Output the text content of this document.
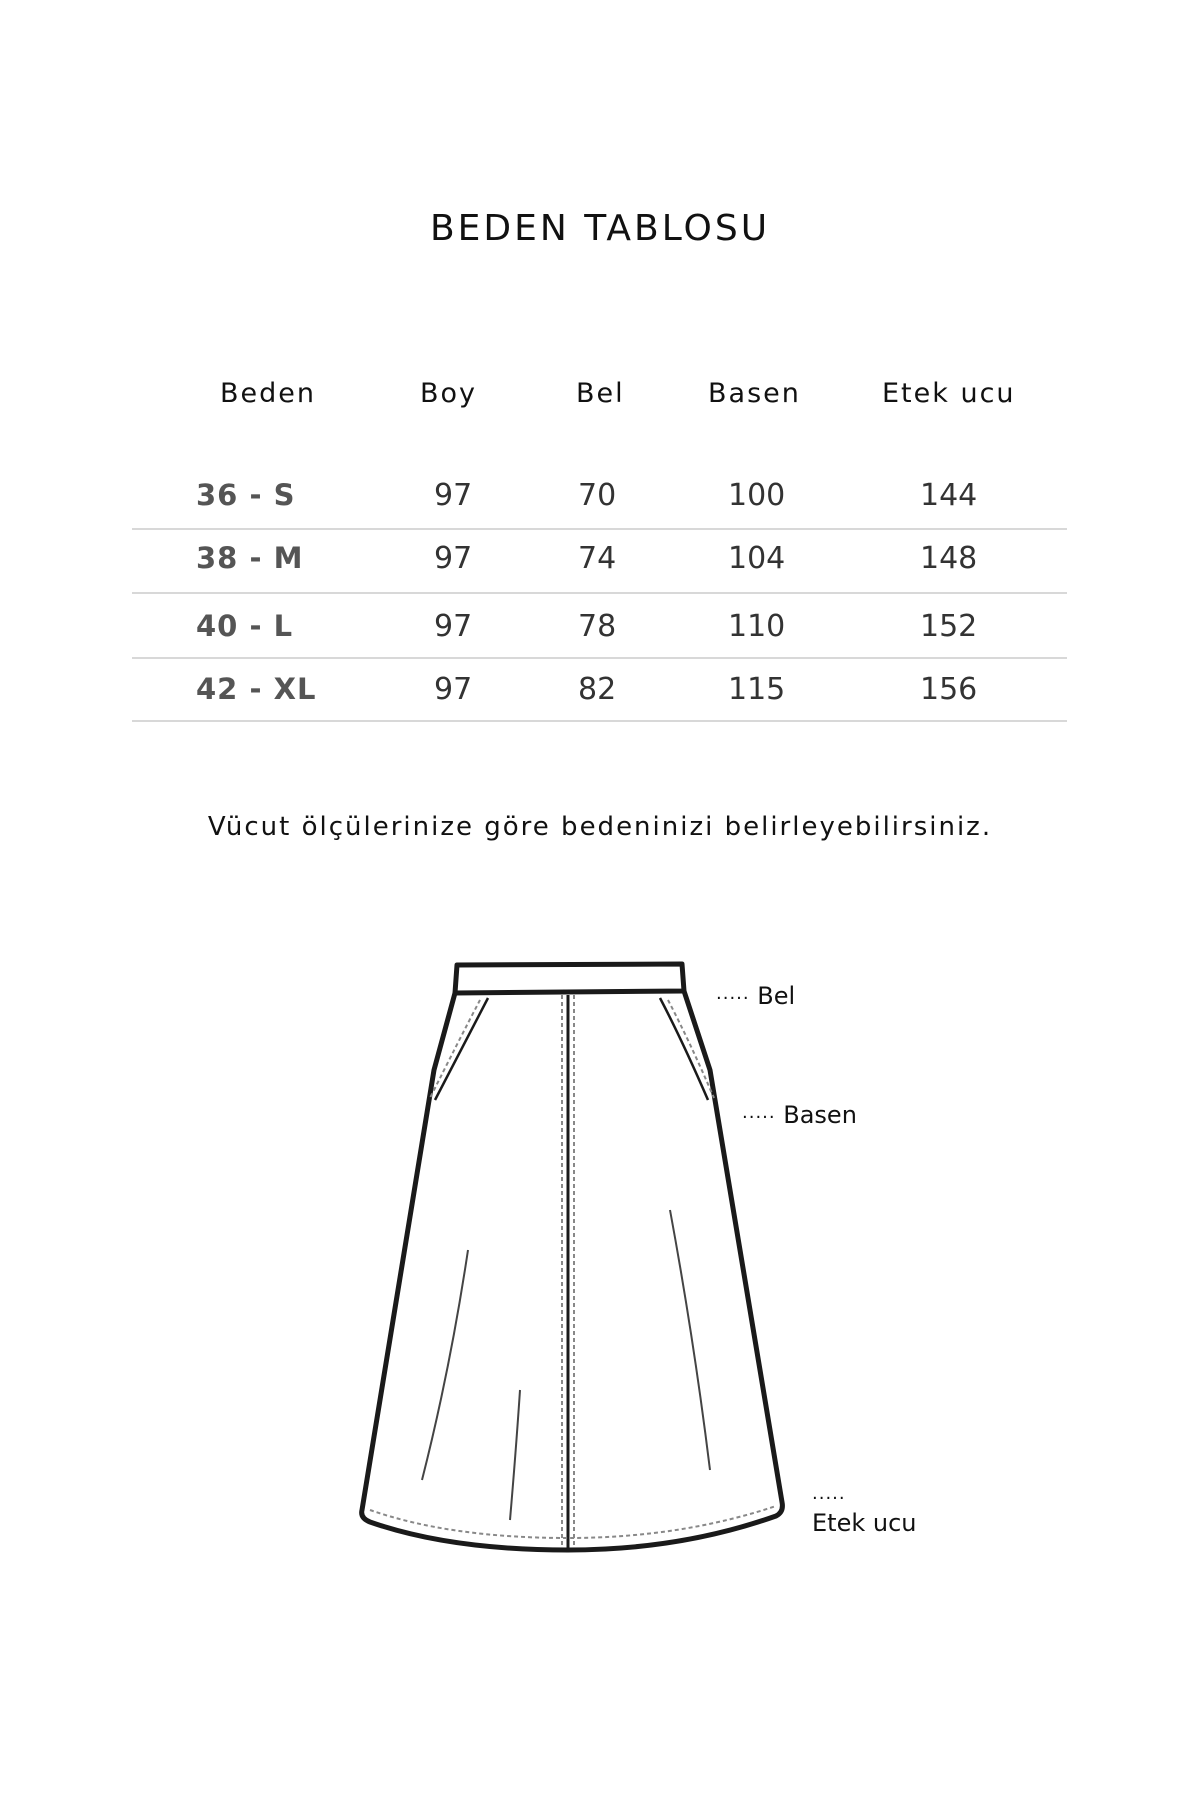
BEDEN TABLOSU
Beden	Boy	Bel	Basen	Etek ucu
36 - S	97	70	100	144
38 - M	97	74	104	148
40 - L	97	78	110	152
42 - XL	97	82	115	156
Vücut ölçülerinize göre bedeninizi belirleyebilirsiniz.
····· Bel
····· Basen
·····
Etek ucu
